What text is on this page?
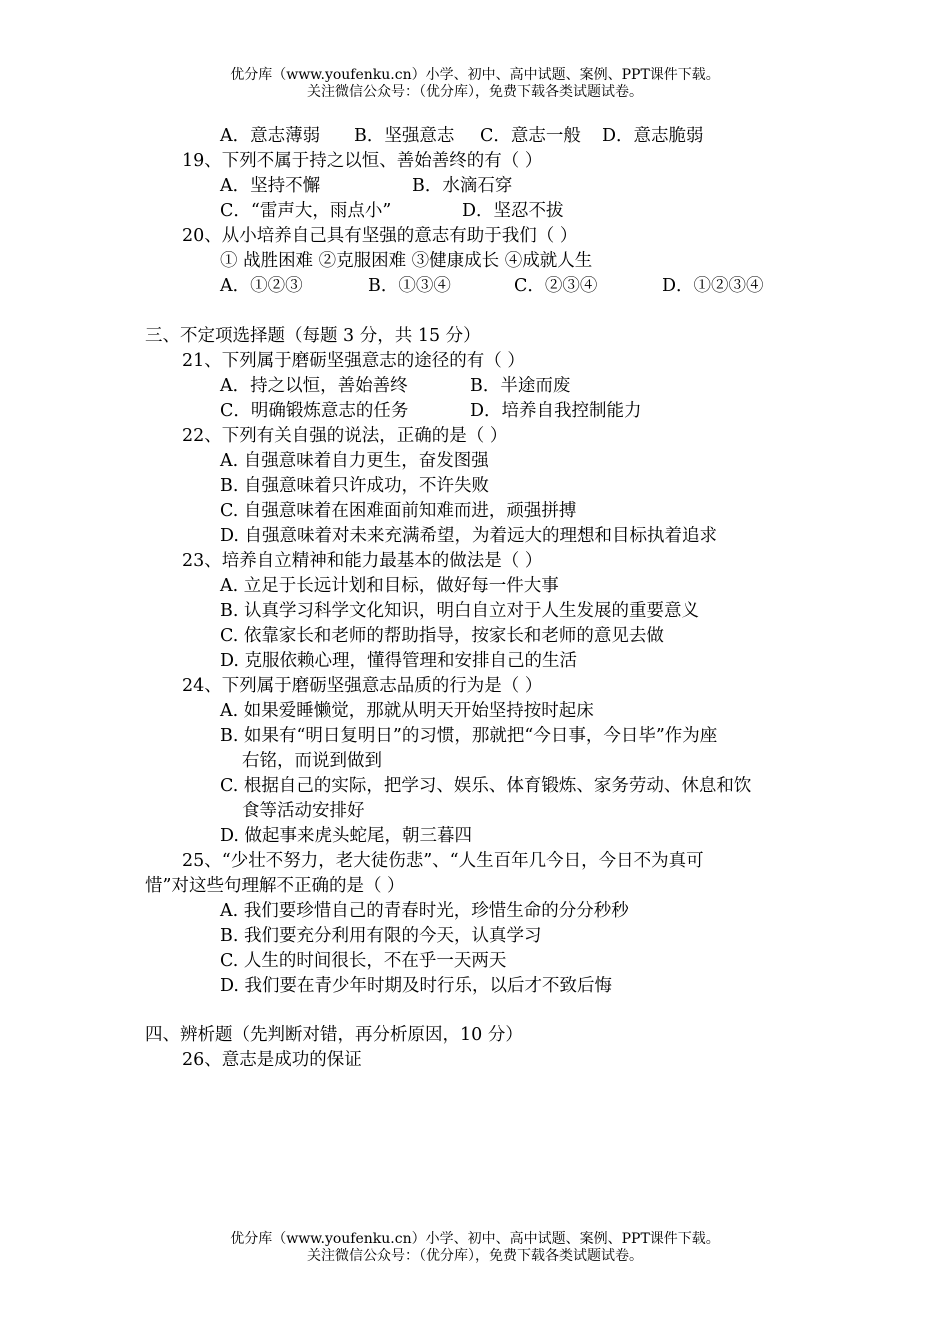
优分库（www.youfenku.cn）小学、初中、高中试题、案例、PPT课件下载。
关注微信公众号：（优分库），免费下载各类试题试卷。
A．意志薄弱 B．坚强意志 C．意志一般 D．意志脆弱
19、下列不属于持之以恒、善始善终的有（ ）
A．坚持不懈	B．水滴石穿
C．“雷声大，雨点小”	D．坚忍不拔
20、从小培养自己具有坚强的意志有助于我们（ ）
① 战胜困难 ②克服困难 ③健康成长 ④成就人生
A．①②③	B．①③④	C．②③④	D．①②③④
三、不定项选择题（每题 3 分，共 15 分）
21、下列属于磨砺坚强意志的途径的有（ ）
A．持之以恒，善始善终	B．半途而废
C．明确锻炼意志的任务	D．培养自我控制能力
22、下列有关自强的说法，正确的是（ ）
A. 自强意味着自力更生，奋发图强
B. 自强意味着只许成功，不许失败
C. 自强意味着在困难面前知难而进，顽强拼搏
D. 自强意味着对未来充满希望，为着远大的理想和目标执着追求
23、培养自立精神和能力最基本的做法是（ ）
A. 立足于长远计划和目标，做好每一件大事
B. 认真学习科学文化知识，明白自立对于人生发展的重要意义
C. 依靠家长和老师的帮助指导，按家长和老师的意见去做
D. 克服依赖心理，懂得管理和安排自己的生活
24、下列属于磨砺坚强意志品质的行为是（ ）
A. 如果爱睡懒觉，那就从明天开始坚持按时起床
B. 如果有“明日复明日”的习惯，那就把“今日事，今日毕”作为座
右铭，而说到做到
C. 根据自己的实际，把学习、娱乐、体育锻炼、家务劳动、休息和饮
食等活动安排好
D. 做起事来虎头蛇尾，朝三暮四
25、“少壮不努力，老大徒伤悲”、“人生百年几今日，今日不为真可
惜”对这些句理解不正确的是（ ）
A. 我们要珍惜自己的青春时光，珍惜生命的分分秒秒
B. 我们要充分利用有限的今天，认真学习
C. 人生的时间很长，不在乎一天两天
D. 我们要在青少年时期及时行乐，以后才不致后悔
四、辨析题（先判断对错，再分析原因，10 分）
26、意志是成功的保证
优分库（www.youfenku.cn）小学、初中、高中试题、案例、PPT课件下载。
关注微信公众号：（优分库），免费下载各类试题试卷。
